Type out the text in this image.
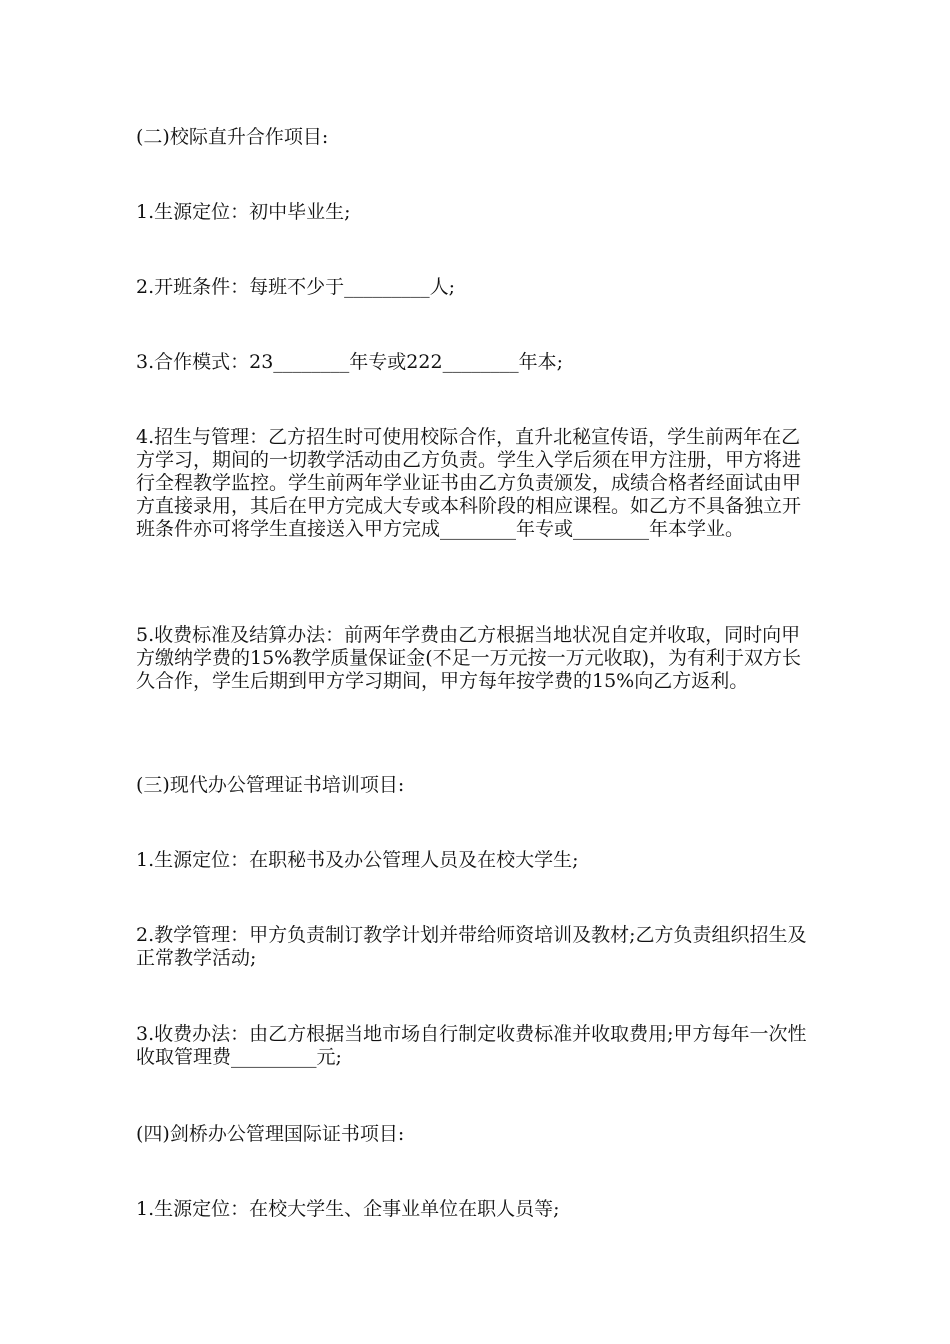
(二)校际直升合作项目:

1.生源定位：初中毕业生;

2.开班条件：每班不少于_________人;

3.合作模式：23________年专或222________年本;

4.招生与管理：乙方招生时可使用校际合作，直升北秘宣传语，学生前两年在乙方学习，期间的一切教学活动由乙方负责。学生入学后须在甲方注册，甲方将进行全程教学监控。学生前两年学业证书由乙方负责颁发，成绩合格者经面试由甲方直接录用，其后在甲方完成大专或本科阶段的相应课程。如乙方不具备独立开班条件亦可将学生直接送入甲方完成________年专或________年本学业。

5.收费标准及结算办法：前两年学费由乙方根据当地状况自定并收取，同时向甲方缴纳学费的15%教学质量保证金(不足一万元按一万元收取)，为有利于双方长久合作，学生后期到甲方学习期间，甲方每年按学费的15%向乙方返利。

(三)现代办公管理证书培训项目:

1.生源定位：在职秘书及办公管理人员及在校大学生;

2.教学管理：甲方负责制订教学计划并带给师资培训及教材;乙方负责组织招生及正常教学活动;

3.收费办法：由乙方根据当地市场自行制定收费标准并收取费用;甲方每年一次性收取管理费_________元;

(四)剑桥办公管理国际证书项目:

1.生源定位：在校大学生、企事业单位在职人员等;
